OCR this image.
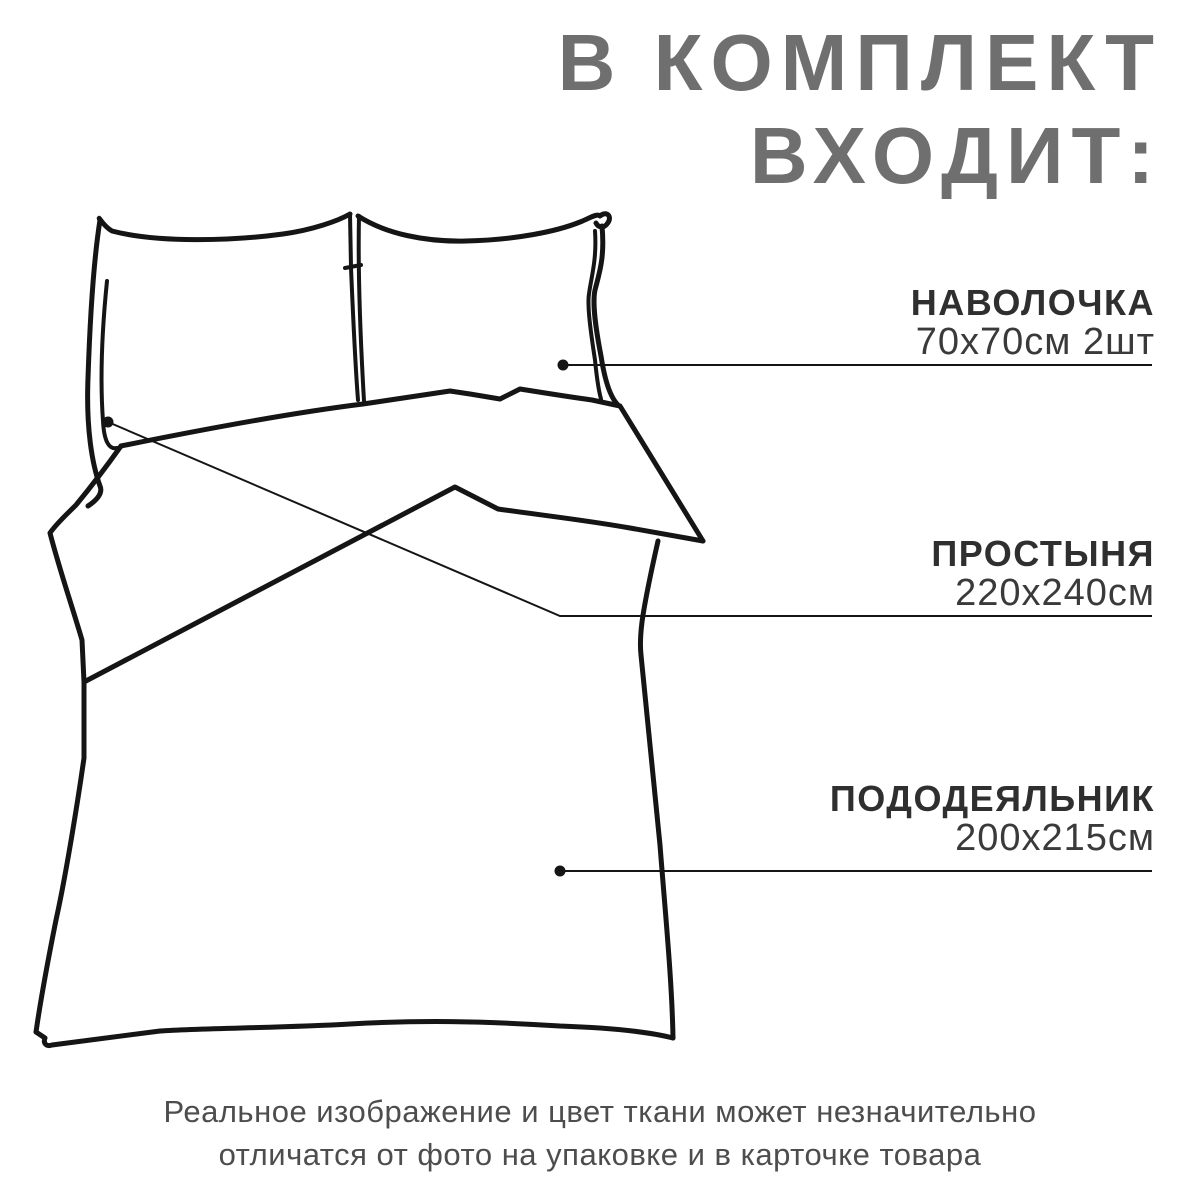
В КОМПЛЕКТ
ВХОДИТ:
НАВОЛОЧКА
70х70см 2шт
ПРОСТЫНЯ
220х240см
ПОДОДЕЯЛЬНИК
200х215см
Реальное изображение и цвет ткани может незначительно
отличатся от фото на упаковке и в карточке товара
